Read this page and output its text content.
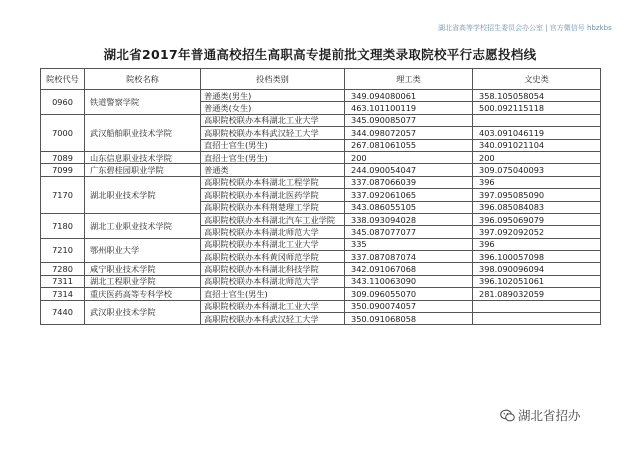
湖北省高等学校招生委员会办公室 | 官方微信号 hbzkbs
湖北省2017年普通高校招生高职高专提前批文理类录取院校平行志愿投档线
院校代号	院校名称	投档类别	理工类	文史类
0960	铁道警察学院	普通类(男生)	349.094080061	358.105058054
		普通类(女生)	463.101100119	500.092115118
7000	武汉船舶职业技术学院	高职院校联办本科湖北工业大学	345.090085077	
		高职院校联办本科武汉轻工大学	344.098072057	403.091046119
		直招士官生(男生)	267.081061055	340.091021104
7089	山东信息职业技术学院	直招士官生(男生)	200	200
7099	广东碧桂园职业学院	普通类	244.090054047	309.075040093
7170	湖北职业技术学院	高职院校联办本科湖北工程学院	337.087066039	396
		高职院校联办本科湖北医药学院	337.092061065	397.095085090
		高职院校联办本科荆楚理工学院	343.086055105	396.085084083
7180	湖北工业职业技术学院	高职院校联办本科湖北汽车工业学院	338.093094028	396.095069079
		高职院校联办本科湖北师范大学	345.087077077	397.092092052
7210	鄂州职业大学	高职院校联办本科湖北工业大学	335	396
		高职院校联办本科黄冈师范学院	337.087087074	396.100057098
7280	咸宁职业技术学院	高职院校联办本科湖北科技学院	342.091067068	398.090096094
7311	湖北工程职业学院	高职院校联办本科湖北师范大学	343.110063090	396.102051061
7314	重庆医药高等专科学校	直招士官生(男生)	309.096055070	281.089032059
7440	武汉职业技术学院	高职院校联办本科湖北工业大学	350.090074057	
		高职院校联办本科武汉轻工大学	350.091068058	
湖北省招办
